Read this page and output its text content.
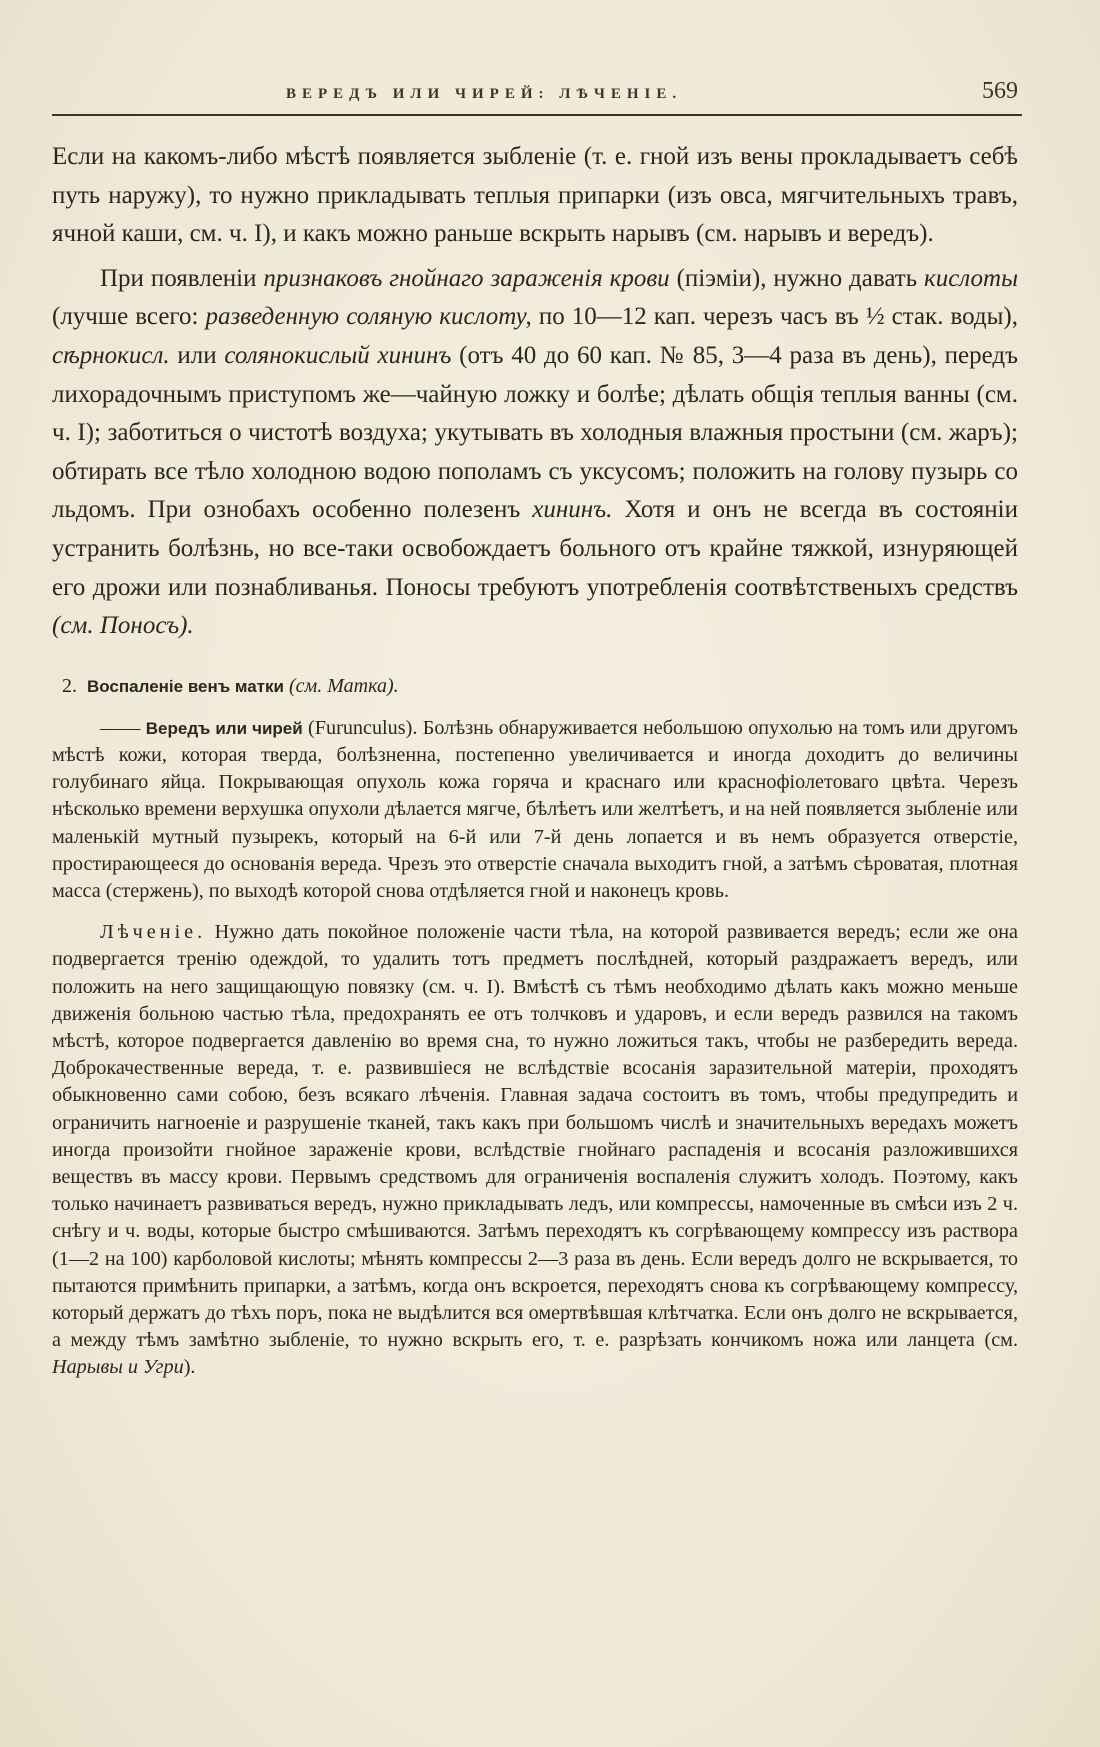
ВЕРЕДЪ ИЛИ ЧИРЕЙ: ЛѢЧЕНІЕ.	569

Если на какомъ-либо мѣстѣ появляется зыбленіе (т. е. гной изъ вены прокладываетъ себѣ путь наружу), то нужно прикладывать теплыя припарки (изъ овса, мягчительныхъ травъ, ячной каши, см. ч. I), и какъ можно раньше вскрыть нарывъ (см. нарывъ и вередъ).

При появленіи признаковъ гнойнаго зараженія крови (піэміи), нужно давать кислоты (лучше всего: разведенную соляную кислоту, по 10—12 кап. черезъ часъ въ ½ стак. воды), сѣрнокисл. или солянокислый хининъ (отъ 40 до 60 кап. № 85, 3—4 раза въ день), передъ лихорадочнымъ приступомъ же—чайную ложку и болѣе; дѣлать общія теплыя ванны (см. ч. I); заботиться о чистотѣ воздуха; укутывать въ холодныя влажныя простыни (см. жаръ); обтирать все тѣло холодною водою пополамъ съ уксусомъ; положить на голову пузырь со льдомъ. При ознобахъ особенно полезенъ хининъ. Хотя и онъ не всегда въ состояніи устранить болѣзнь, но все-таки освобождаетъ больного отъ крайне тяжкой, изнуряющей его дрожи или познабливанья. Поносы требуютъ употребленія соотвѣтственыхъ средствъ (см. Поносъ).

2. Воспаленіе венъ матки (см. Матка).

—— Вередъ или чирей (Furunculus). Болѣзнь обнаруживается небольшою опухолью на томъ или другомъ мѣстѣ кожи, которая тверда, болѣзненна, постепенно увеличивается и иногда доходитъ до величины голубинаго яйца. Покрывающая опухоль кожа горяча и краснаго или краснофіолетоваго цвѣта. Черезъ нѣсколько времени верхушка опухоли дѣлается мягче, бѣлѣетъ или желтѣетъ, и на ней появляется зыбленіе или маленькій мутный пузырекъ, который на 6-й или 7-й день лопается и въ немъ образуется отверстіе, простирающееся до основанія вереда. Чрезъ это отверстіе сначала выходитъ гной, а затѣмъ сѣроватая, плотная масса (стержень), по выходѣ которой снова отдѣляется гной и наконецъ кровь.

Лѣченіе. Нужно дать покойное положеніе части тѣла, на которой развивается вередъ; если же она подвергается тренію одеждой, то удалить тотъ предметъ послѣдней, который раздражаетъ вередъ, или положить на него защищающую повязку (см. ч. I). Вмѣстѣ съ тѣмъ необходимо дѣлать какъ можно меньше движенія больною частью тѣла, предохранять ее отъ толчковъ и ударовъ, и если вередъ развился на такомъ мѣстѣ, которое подвергается давленію во время сна, то нужно ложиться такъ, чтобы не разбередить вереда. Доброкачественные вереда, т. е. развившіеся не вслѣдствіе всосанія заразительной матеріи, проходятъ обыкновенно сами собою, безъ всякаго лѣченія. Главная задача состоитъ въ томъ, чтобы предупредить и ограничить нагноеніе и разрушеніе тканей, такъ какъ при большомъ числѣ и значительныхъ вередахъ можетъ иногда произойти гнойное зараженіе крови, вслѣдствіе гнойнаго распаденія и всосанія разложившихся веществъ въ массу крови. Первымъ средствомъ для ограниченія воспаленія служитъ холодъ. Поэтому, какъ только начинаетъ развиваться вередъ, нужно прикладывать ледъ, или компрессы, намоченные въ смѣси изъ 2 ч. снѣгу и ч. воды, которые быстро смѣшиваются. Затѣмъ переходятъ къ согрѣвающему компрессу изъ раствора (1—2 на 100) карболовой кислоты; мѣнять компрессы 2—3 раза въ день. Если вередъ долго не вскрывается, то пытаются примѣнить припарки, а затѣмъ, когда онъ вскроется, переходятъ снова къ согрѣвающему компрессу, который держатъ до тѣхъ поръ, пока не выдѣлится вся омертвѣвшая клѣтчатка. Если онъ долго не вскрывается, а между тѣмъ замѣтно зыбленіе, то нужно вскрыть его, т. е. разрѣзать кончикомъ ножа или ланцета (см. Нарывы и Угри).
